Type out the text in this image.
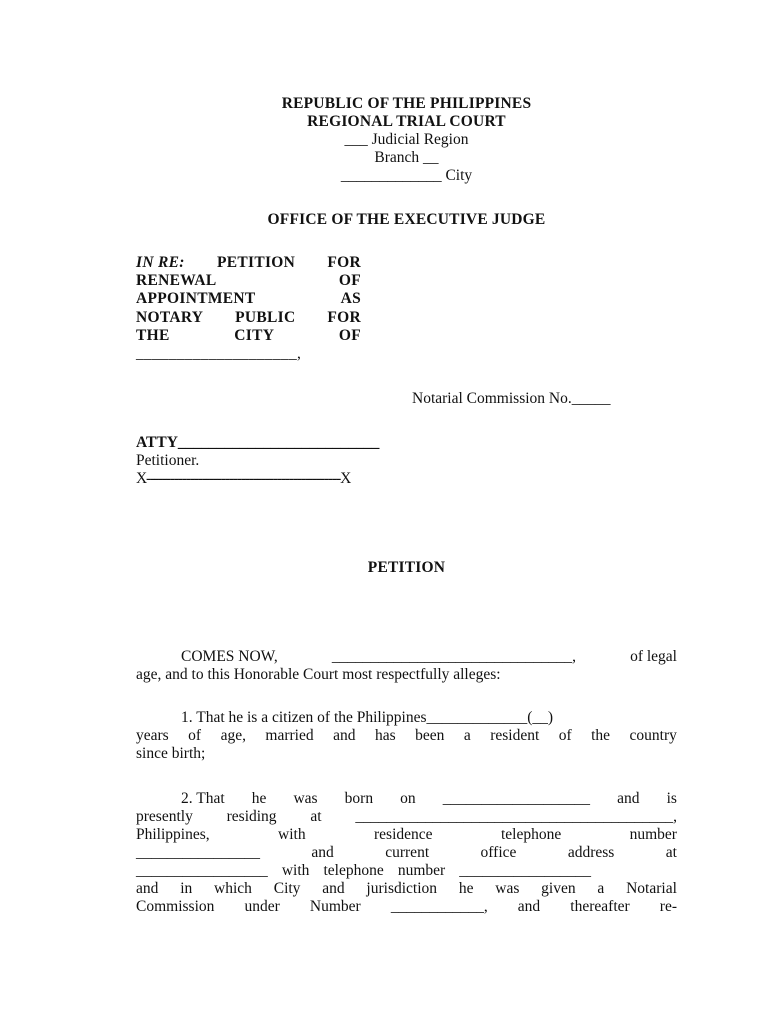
REPUBLIC OF THE PHILIPPINES
REGIONAL TRIAL COURT
___ Judicial Region
Branch __
_____________ City
OFFICE OF THE EXECUTIVE JUDGE
IN RE: PETITION FOR
RENEWAL	OF
APPOINTMENT	AS
NOTARY PUBLIC FOR
THE	CITY	OF
____________________,
Notarial Commission No._____
ATTY__________________________
Petitioner.
X-------------------------------------------------X
PETITION
COMES NOW,	_______________________________,	of legal
age, and to this Honorable Court most respectfully alleges:
1. That he is a citizen of the Philippines_____________(__)
years of age, married and has been a resident of the country
since birth;
2. That he was born on ___________________ and is
presently residing at _________________________________________,
Philippines,	with	residence	telephone	number
________________	and	current	office	address	at
_________________ with telephone number _________________
and in which City and jurisdiction he was given a Notarial
Commission under Number ____________, and thereafter re-
